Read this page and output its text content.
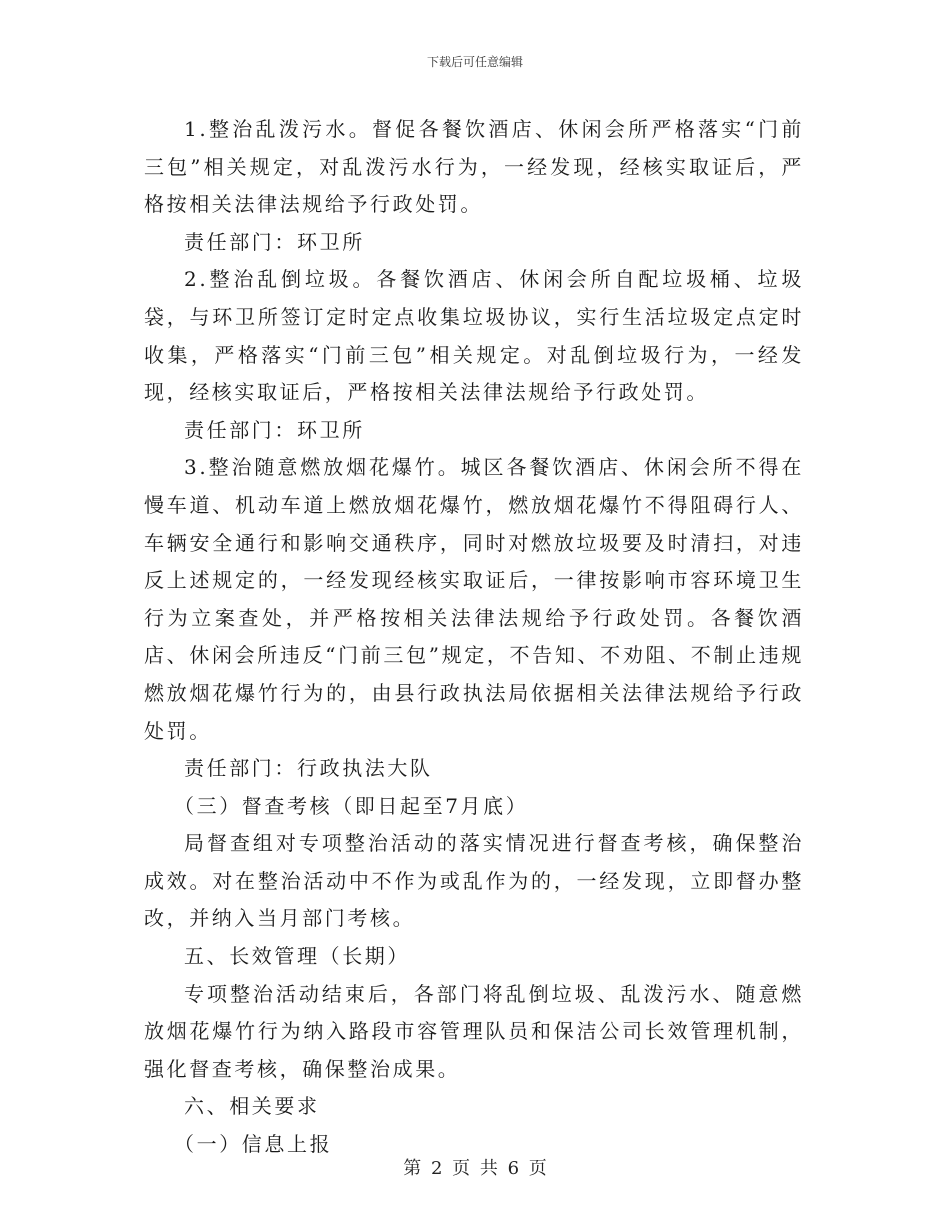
下载后可任意编辑

1.整治乱泼污水。督促各餐饮酒店、休闲会所严格落实“门前三包”相关规定，对乱泼污水行为，一经发现，经核实取证后，严格按相关法律法规给予行政处罚。

责任部门：环卫所

2.整治乱倒垃圾。各餐饮酒店、休闲会所自配垃圾桶、垃圾袋，与环卫所签订定时定点收集垃圾协议，实行生活垃圾定点定时收集，严格落实“门前三包”相关规定。对乱倒垃圾行为，一经发现，经核实取证后，严格按相关法律法规给予行政处罚。

责任部门：环卫所

3.整治随意燃放烟花爆竹。城区各餐饮酒店、休闲会所不得在慢车道、机动车道上燃放烟花爆竹，燃放烟花爆竹不得阻碍行人、车辆安全通行和影响交通秩序，同时对燃放垃圾要及时清扫，对违反上述规定的，一经发现经核实取证后，一律按影响市容环境卫生行为立案查处，并严格按相关法律法规给予行政处罚。各餐饮酒店、休闲会所违反“门前三包”规定，不告知、不劝阻、不制止违规燃放烟花爆竹行为的，由县行政执法局依据相关法律法规给予行政处罚。

责任部门：行政执法大队

（三）督查考核（即日起至7月底）

局督查组对专项整治活动的落实情况进行督查考核，确保整治成效。对在整治活动中不作为或乱作为的，一经发现，立即督办整改，并纳入当月部门考核。

五、长效管理（长期）

专项整治活动结束后，各部门将乱倒垃圾、乱泼污水、随意燃放烟花爆竹行为纳入路段市容管理队员和保洁公司长效管理机制，强化督查考核，确保整治成果。

六、相关要求

（一）信息上报

第 2 页 共 6 页
